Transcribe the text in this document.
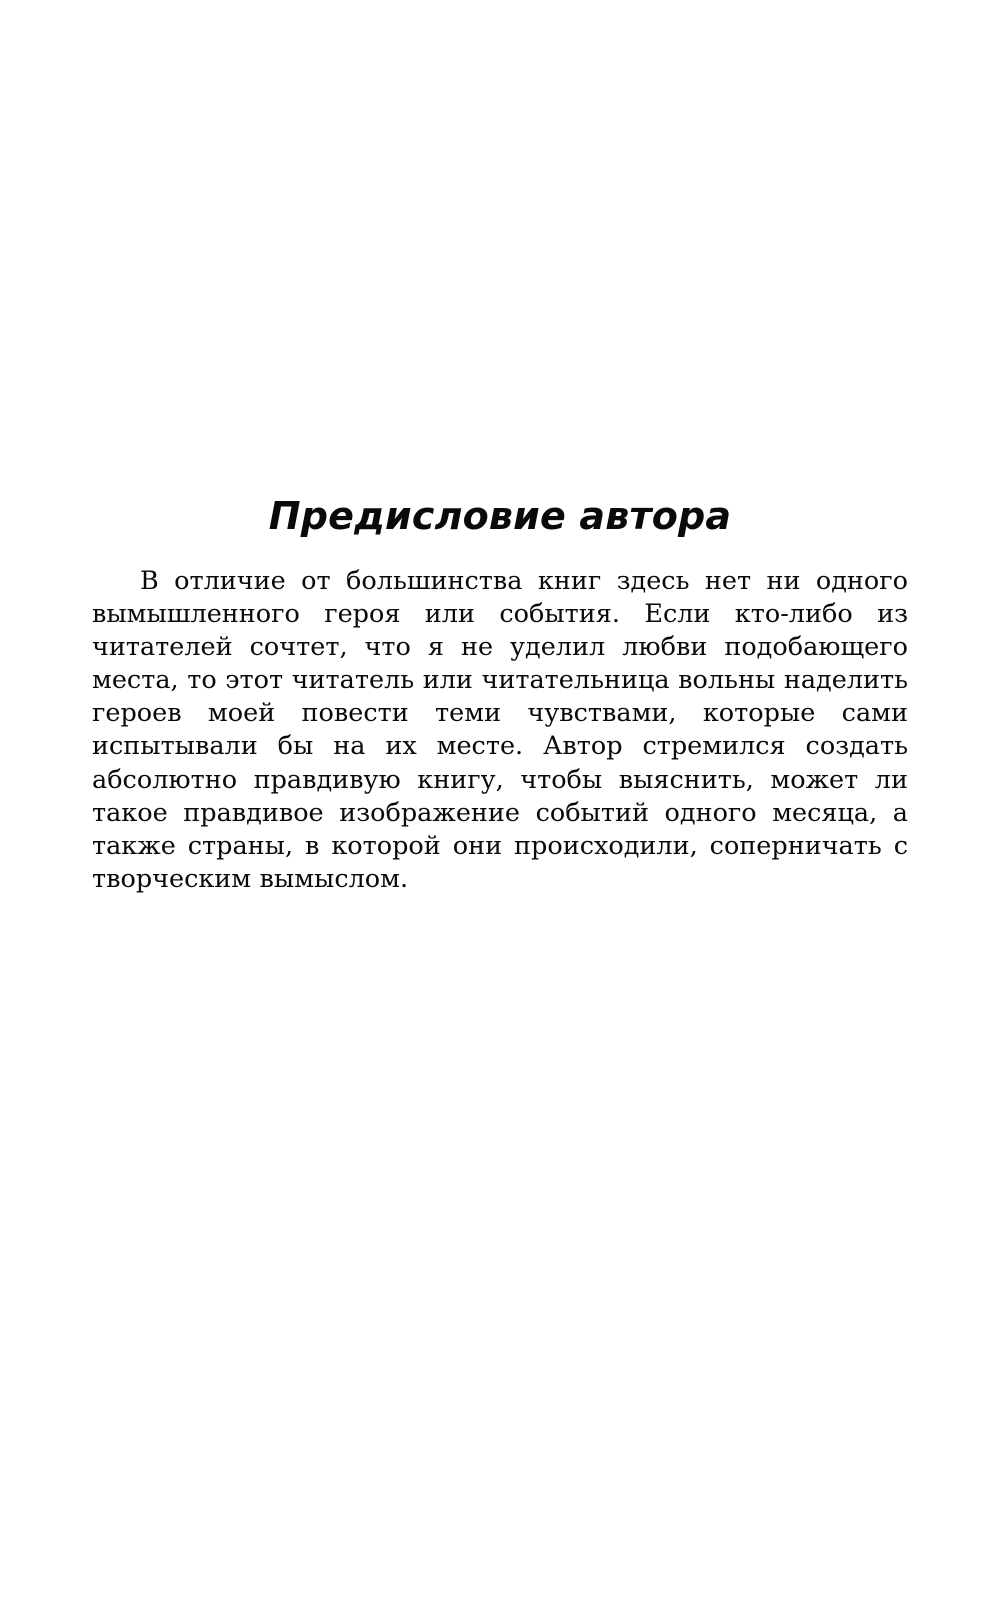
Предисловие автора

В отличие от большинства книг здесь нет ни одного вымышленного героя или события. Если кто-либо из читателей сочтет, что я не уделил любви подобающего места, то этот читатель или читательница вольны наделить героев моей повести теми чувствами, которые сами испытывали бы на их месте. Автор стремился создать абсолютно правдивую книгу, чтобы выяснить, может ли такое правдивое изображение событий одного месяца, а также страны, в которой они происходили, соперничать с творческим вымыслом.
